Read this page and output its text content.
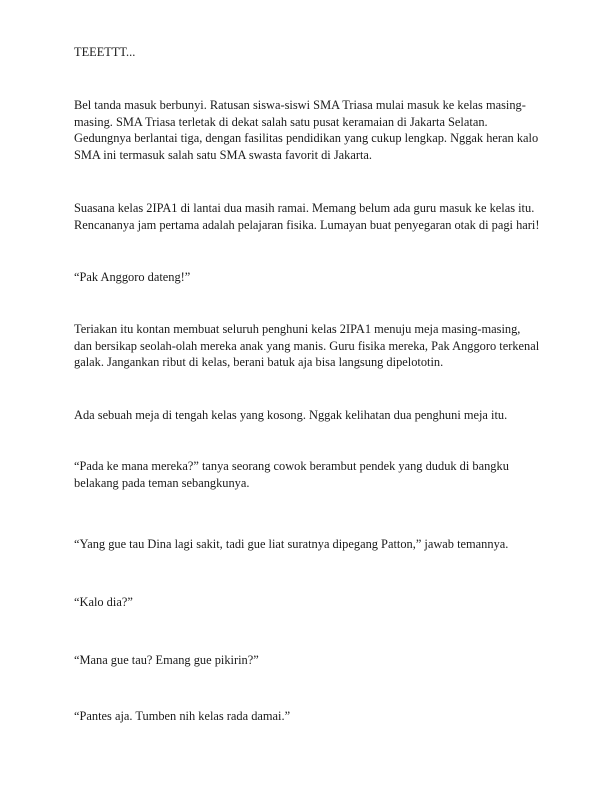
TEEETTT...

Bel tanda masuk berbunyi. Ratusan siswa-siswi SMA Triasa mulai masuk ke kelas masing-
masing. SMA Triasa terletak di dekat salah satu pusat keramaian di Jakarta Selatan.
Gedungnya berlantai tiga, dengan fasilitas pendidikan yang cukup lengkap. Nggak heran kalo
SMA ini termasuk salah satu SMA swasta favorit di Jakarta.

Suasana kelas 2IPA1 di lantai dua masih ramai. Memang belum ada guru masuk ke kelas itu.
Rencananya jam pertama adalah pelajaran fisika. Lumayan buat penyegaran otak di pagi hari!

“Pak Anggoro dateng!”

Teriakan itu kontan membuat seluruh penghuni kelas 2IPA1 menuju meja masing-masing,
dan bersikap seolah-olah mereka anak yang manis. Guru fisika mereka, Pak Anggoro terkenal
galak. Jangankan ribut di kelas, berani batuk aja bisa langsung dipelototin.

Ada sebuah meja di tengah kelas yang kosong. Nggak kelihatan dua penghuni meja itu.

“Pada ke mana mereka?” tanya seorang cowok berambut pendek yang duduk di bangku
belakang pada teman sebangkunya.

“Yang gue tau Dina lagi sakit, tadi gue liat suratnya dipegang Patton,” jawab temannya.

“Kalo dia?”

“Mana gue tau? Emang gue pikirin?”

“Pantes aja. Tumben nih kelas rada damai.”
